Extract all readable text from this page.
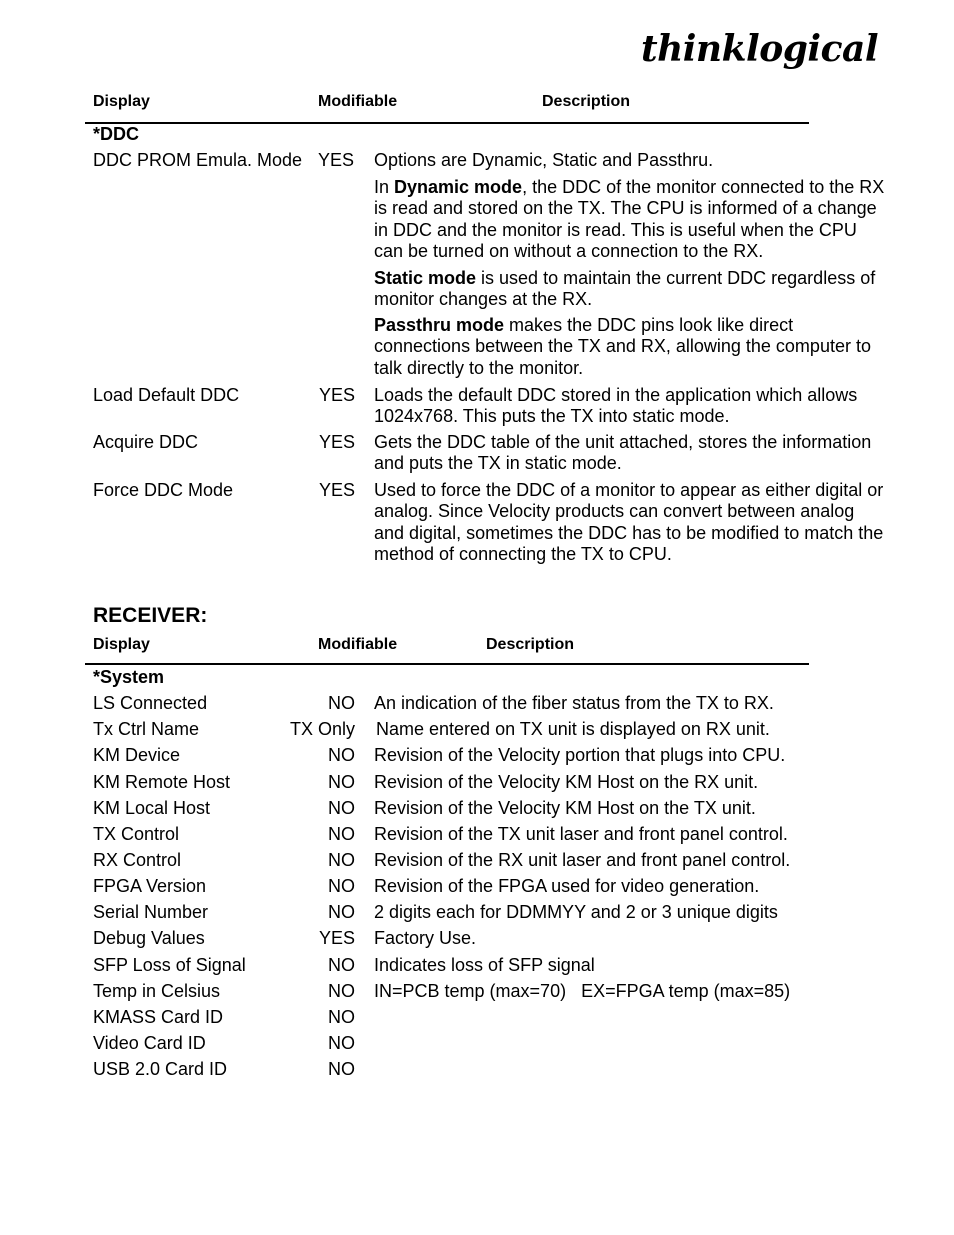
thinklogical
Display	Modifiable	Description
*DDC
DDC PROM Emula. Mode YES Options are Dynamic, Static and Passthru.
In Dynamic mode, the DDC of the monitor connected to the RX is read and stored on the TX. The CPU is informed of a change in DDC and the monitor is read. This is useful when the CPU can be turned on without a connection to the RX.
Static mode is used to maintain the current DDC regardless of monitor changes at the RX.
Passthru mode makes the DDC pins look like direct connections between the TX and RX, allowing the computer to talk directly to the monitor.
Load Default DDC	YES Loads the default DDC stored in the application which allows 1024x768. This puts the TX into static mode.
Acquire DDC	YES Gets the DDC table of the unit attached, stores the information and puts the TX in static mode.
Force DDC Mode	YES Used to force the DDC of a monitor to appear as either digital or analog. Since Velocity products can convert between analog and digital, sometimes the DDC has to be modified to match the method of connecting the TX to CPU.
RECEIVER:
Display	Modifiable	Description
*System
LS Connected	NO An indication of the fiber status from the TX to RX.
Tx Ctrl Name	TX Only Name entered on TX unit is displayed on RX unit.
KM Device	NO Revision of the Velocity portion that plugs into CPU.
KM Remote Host	NO Revision of the Velocity KM Host on the RX unit.
KM Local Host	NO Revision of the Velocity KM Host on the TX unit.
TX Control	NO Revision of the TX unit laser and front panel control.
RX Control	NO Revision of the RX unit laser and front panel control.
FPGA Version	NO Revision of the FPGA used for video generation.
Serial Number	NO 2 digits each for DDMMYY and 2 or 3 unique digits
Debug Values	YES Factory Use.
SFP Loss of Signal	NO Indicates loss of SFP signal
Temp in Celsius	NO IN=PCB temp (max=70)   EX=FPGA temp (max=85)
KMASS Card ID	NO
Video Card ID	NO
USB 2.0 Card ID	NO
